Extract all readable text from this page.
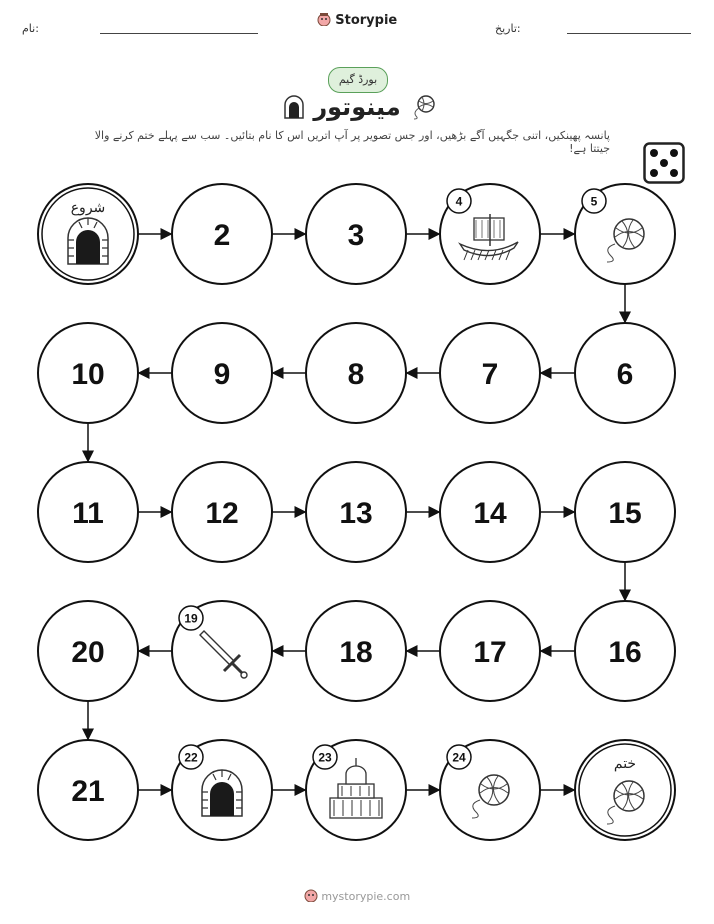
نام:	تاریخ:
Storypie
بورڈ گیم
مینوتور
پانسہ پھینکیں، اتنی جگہیں آگے بڑھیں، اور جس تصویر پر آپ اتریں اس کا نام بتائیں۔ سب سے پہلے ختم کرنے والا جیتتا ہے!
شروع
2	3
4	5
6
7
8
9
10
11	12	13	14	15
16
17
18
19
20
21
22	23	24	ختم
mystorypie.com
